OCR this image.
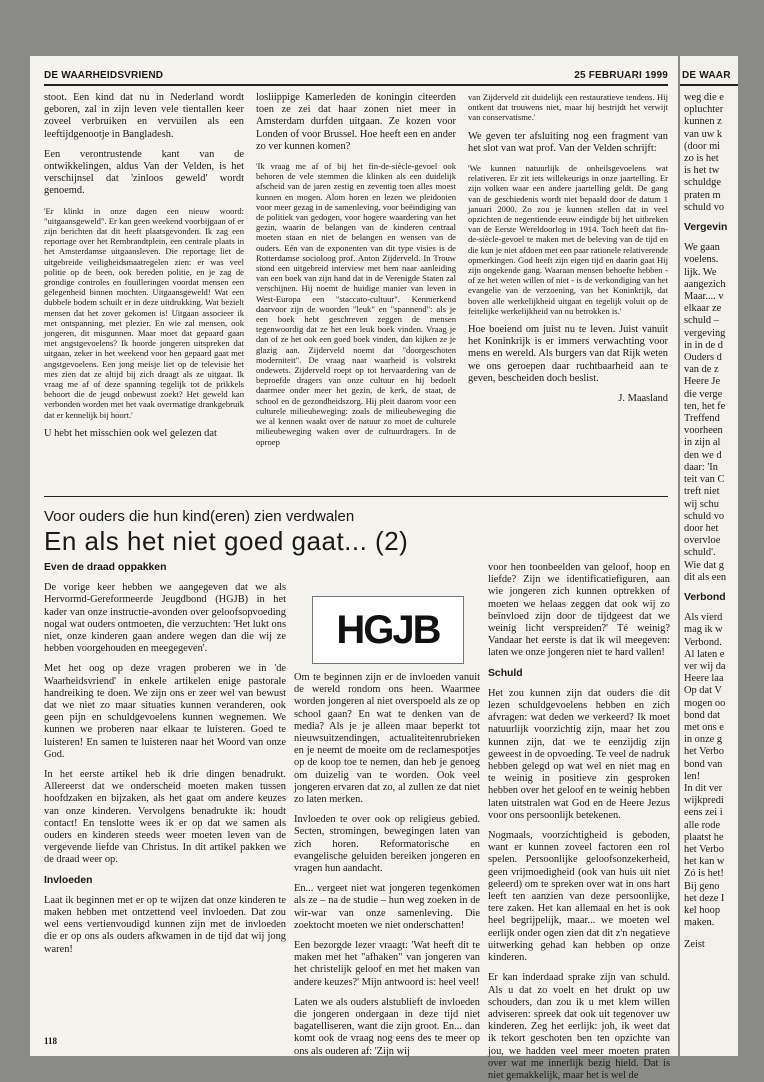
DE WAARHEIDSVRIEND	25 FEBRUARI 1999

stoot. Een kind dat nu in Nederland wordt geboren, zal in zijn leven vele tientallen keer zoveel verbruiken en vervuilen als een leeftijdgenootje in Bangladesh.

Een verontrustende kant van de ontwikkelingen, aldus Van der Velden, is het verschijnsel dat 'zinloos geweld' wordt genoemd.

'Er klinkt in onze dagen een nieuw woord: "uitgaansgeweld". Er kan geen weekend voorbijgaan of er zijn berichten dat dit heeft plaatsgevonden. Ik zag een reportage over het Rembrandtplein, een centrale plaats in het Amsterdamse uitgaansleven. Die reportage liet de uitgebreide veiligheidsmaatregelen zien: er was veel politie op de been, ook bereden politie, en je zag de grondige controles en fouilleringen voordat mensen een gelegenheid binnen mochten. Uitgaansgeweld! Wat een dubbele bodem schuilt er in deze uitdrukking. Wat bezielt mensen dat het zover gekomen is! Uitgaan associeer ik met ontspanning, met plezier. En wie zal mensen, ook jongeren, dit misgunnen. Maar moet dat gepaard gaan met angstgevoelens? Ik hoorde jongeren uitspreken dat uitgaan, zeker in het weekend voor hen gepaard gaat met angstgevoelens. Een jong meisje liet op de televisie het mes zien dat ze altijd bij zich draagt als ze uitgaat. Ik vraag me af of deze spanning tegelijk tot de prikkels behoort die de jeugd onbewust zoekt? Het geweld kan verbonden worden met het vaak overmatige drankgebruik dat er kennelijk bij hoort.'

U hebt het misschien ook wel gelezen dat

losliippige Kamerleden de koningin citeerden toen ze zei dat haar zonen niet meer in Amsterdam durfden uitgaan. Ze kozen voor Londen of voor Brussel. Hoe heeft een en ander zo ver kunnen komen?

'Ik vraag me af of bij het fin-de-siècle-gevoel ook behoren de vele stemmen die klinken als een duidelijk afscheid van de jaren zestig en zeventig toen alles moest kunnen en mogen. Alom horen en lezen we pleidooien voor meer gezag in de samenleving, voor beëindiging van de politiek van gedogen, voor hogere waardering van het gezin, waarin de belangen van de kinderen centraal moeten staan en niet de belangen en wensen van de ouders. Eén van de exponenten van dit type visies is de Rotterdamse socioloog prof. Anton Zijderveld. In Trouw stond een uitgebreid interview met hem naar aanleiding van een boek van zijn hand dat in de Verenigde Staten zal verschijnen. Hij noemt de huidige manier van leven in West-Europa een "staccato-cultuur". Kenmerkend daarvoor zijn de woorden "leuk" en "spannend": als je een boek hebt geschreven zeggen de mensen tegenwoordig dat ze het een leuk boek vinden. Vraag je dan of ze het ook een goed boek vinden, dan kijken ze je glazig aan. Zijderveld noemt dat "doorgeschoten moderniteit". De vraag naar waarheid is volstrekt ondewets. Zijderveld roept op tot hervaardering van de beproefde dragers van onze cultuur en hij bedoelt daarmee onder meer het gezin, de kerk, de staat, de school en de gezondheidszorg. Hij pleit daarom voor een culturele milieubeweging: zoals de milieubeweging die we al kennen waakt over de natuur zo moet de culturele milieubeweging waken over de cultuurdragers. In de oproep

van Zijderveld zit duidelijk een restauratieve tendens. Hij ontkent dat trouwens niet, maar hij bestrijdt het verwijt van conservatisme.'

We geven ter afsluiting nog een fragment van het slot van wat prof. Van der Velden schrijft:

'We kunnen natuurlijk de onheilsgevoelens wat relativeren. Er zit iets willekeurigs in onze jaartelling. Er zijn volken waar een andere jaartelling geldt. De gang van de geschiedenis wordt niet bepaald door de datum 1 januari 2000. Zo zou je kunnen stellen dat in veel opzichten de negentiende eeuw eindigde bij het uitbreken van de Eerste Wereldoorlog in 1914. Toch heeft dat fin-de-siècle-gevoel te maken met de beleving van de tijd en die kun je niet afdoen met een paar rationele relativerende opmerkingen. God heeft zijn eigen tijd en daarin gaat Hij zijn ongekende gang. Waaraan mensen behoefte hebben - of ze het weten willen of niet - is de verkondiging van het evangelie van de verzoening, van het Koninkrijk, dat boven alle werkelijkheid uitgaat en tegelijk voluit op de feitelijke werkelijkheid van nu betrokken is.'

Hoe boeiend om juist nu te leven. Juist vanuit het Koninkrijk is er immers verwachting voor mens en wereld. Als burgers van dat Rijk weten we ons geroepen daar ruchtbaarheid aan te geven, bescheiden doch beslist.

J. Maasland

Voor ouders die hun kind(eren) zien verdwalen
En als het niet goed gaat... (2)
HGJB

Even de draad oppakken

De vorige keer hebben we aangegeven dat we als Hervormd-Gereformeerde Jeugdbond (HGJB) in het kader van onze instructie-avonden over geloofsopvoeding nogal wat ouders ontmoeten, die verzuchten: 'Het lukt ons niet, onze kinderen gaan andere wegen dan die wij ze hebben voorgehouden en meegegeven'.

Met het oog op deze vragen proberen we in 'de Waarheidsvriend' in enkele artikelen enige pastorale handreiking te doen. We zijn ons er zeer wel van bewust dat we niet zo maar situaties kunnen veranderen, ook geen pijn en schuldgevoelens kunnen wegnemen. We kunnen we proberen naar elkaar te luisteren. Goed te luisteren! En samen te luisteren naar het Woord van onze God.

In het eerste artikel heb ik drie dingen benadrukt. Allereerst dat we onderscheid moeten maken tussen hoofdzaken en bijzaken, als het gaat om andere keuzes van onze kinderen. Vervolgens benadrukte ik: houdt contact! En tenslotte wees ik er op dat we samen als ouders en kinderen steeds weer moeten leven van de vergevende liefde van Christus. In dit artikel pakken we de draad weer op.

Invloeden

Laat ik beginnen met er op te wijzen dat onze kinderen te maken hebben met ontzettend veel invloeden. Dat zou wel eens vertienvoudigd kunnen zijn met de invloeden die er op ons als ouders afkwamen in de tijd dat wij jong waren!

Om te beginnen zijn er de invloeden vanuit de wereld rondom ons heen. Waarmee worden jongeren al niet overspoeld als ze op school gaan? En wat te denken van de media? Als je je alleen maar beperkt tot nieuwsuitzendingen, actualiteitenrubrieken en je neemt de moeite om de reclamespotjes op de koop toe te nemen, dan heb je genoeg om duizelig van te worden. Ook veel jongeren ervaren dat zo, al zullen ze dat niet zo laten merken.

Invloeden te over ook op religieus gebied. Secten, stromingen, bewegingen laten van zich horen. Reformatorische en evangelische geluiden bereiken jongeren en vragen hun aandacht.

En... vergeet niet wat jongeren tegenkomen als ze – na de studie – hun weg zoeken in de wir-war van onze samenleving. Die zoektocht moeten we niet onderschatten!

Een bezorgde lezer vraagt: 'Wat heeft dit te maken met het "afhaken" van jongeren van het christelijk geloof en met het maken van andere keuzes?' Mijn antwoord is: heel veel!

Laten we als ouders alstublieft de invloeden die jongeren ondergaan in deze tijd niet bagatelliseren, want die zijn groot. En... dan komt ook de vraag nog eens des te meer op ons als ouderen af: 'Zijn wij

voor hen toonbeelden van geloof, hoop en liefde? Zijn we identificatiefiguren, aan wie jongeren zich kunnen optrekken of moeten we helaas zeggen dat ook wij zo beïnvloed zijn door de tijdgeest dat we weinig licht verspreiden?' Té weinig? Vandaar het eerste is dat ik wil meegeven: laten we onze jongeren niet te hard vallen!

Schuld

Het zou kunnen zijn dat ouders die dit lezen schuldgevoelens hebben en zich afvragen: wat deden we verkeerd? Ik moet natuurlijk voorzichtig zijn, maar het zou kunnen zijn, dat we te eenzijdig zijn geweest in de opvoeding. Te veel de nadruk hebben gelegd op wat wel en niet mag en te weinig in positieve zin gesproken hebben over het geloof en te weinig hebben laten uitstralen wat God en de Heere Jezus voor ons persoonlijk betekenen.

Nogmaals, voorzichtigheid is geboden, want er kunnen zoveel factoren een rol spelen. Persoonlijke geloofsonzekerheid, geen vrijmoedigheid (ook van huis uit niet geleerd) om te spreken over wat in ons hart leeft ten aanzien van deze persoonlijke, tere zaken. Het kan allemaal en het is ook heel begrijpelijk, maar... we moeten wel eerlijk onder ogen zien dat dit z'n negatieve uitwerking gehad kan hebben op onze kinderen.

Er kan inderdaad sprake zijn van schuld. Als u dat zo voelt en het drukt op uw schouders, dan zou ik u met klem willen adviseren: spreek dat ook uit tegenover uw kinderen. Zeg het eerlijk: joh, ik weet dat ik tekort geschoten ben ten opzichte van jou, we hadden veel meer moeten praten over wat me innerlijk bezig hield. Dat is niet gemakkelijk, maar het is wel de

118
DE WAAR
weg die e
opluchter
kunnen z
van uw k
(door mi
zo is het
is het tw
schuldge
praten m
schuld vo

Vergevin

We gaan
voelens.
lijk. We
aangezich
Maar.... v
elkaar ze
schuld –
vergeving
in in de d
Ouders d
van de z
Heere Je
die verge
ten, het fe
Treffend
voorheen
in zijn al
den we d
daar: 'In
teit van C
treft niet
wij schu
schuld vo
door het
overvloe
schuld'.
Wie dat g
dit als een

Verbond

Als vierd
mag ik w
Verbond.
Al laten e
ver wij da
Heere laa
Op dat V
mogen oo
bond dat
met ons e
in onze g
het Verbo
bond van
len!
In dit ver
wijkpredi
eens zei i
alle rode
plaatst he
het Verbo
het kan w
Zó is het!
Bij geno
het deze I
kel hoop
maken.

Zeist
